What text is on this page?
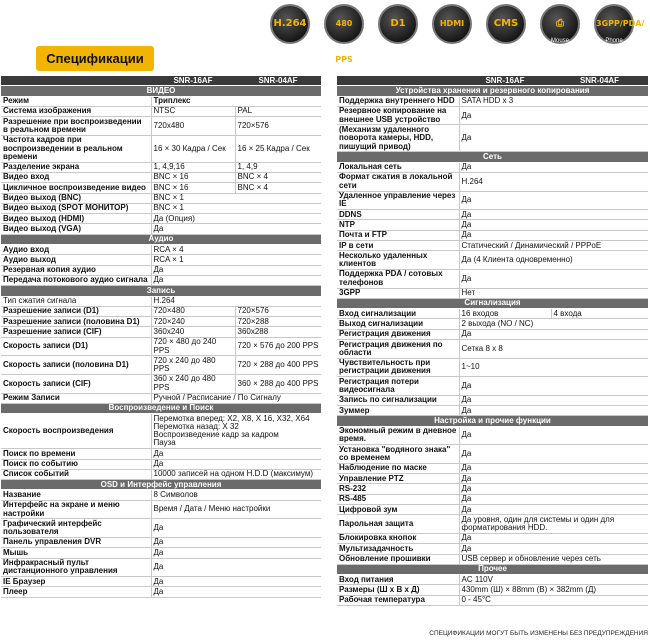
Спецификации
H.264	480 PPS
D1	HDMI	CMS	⎙
Mouse
3GPP/PDA/
Phone
	SNR-16AF	SNR-04AF
ВИДЕО		
Режим	Триплекс	
Система изображения	NTSC	PAL
Разрешение при воспроизведении в реальном времени	720x480	720×576
Частота кадров при воспроизведении в реальном времени	16 × 30 Кадра / Сек	16 × 25 Кадра / Сек
Разделение экрана	1, 4,9,16	1, 4,9
Видео вход	BNC × 16	BNC × 4
Цикличное воспроизведение видео	BNC × 16	BNC × 4
Видео выход (BNC)	BNC × 1	
Видео выход (SPOT МОНИТОР)	BNC × 1	
Видео выход (HDMI)	Да (Опция)	
Видео выход (VGA)	Да	
Аудио		
Аудио вход	RCA × 4	
Аудио выход	RCA × 1	
Резервная копия аудио	Да	
Передача потокового аудио сигнала	Да	
Запись		
Тип сжатия сигнала	H.264	
Разрешение записи (D1)	720×480	720×576
Разрешение записи (половина D1)	720×240	720×288
Разрешение записи (CIF)	360x240	360x288
Скорость записи (D1)	720 × 480 до 240 PPS	720 × 576 до 200 PPS
Скорость записи (половина D1)	720 x 240 до 480 PPS	720 × 288 до 400 PPS
Скорость записи (CIF)	360 x 240 до 480 PPS	360 × 288 до 400 PPS
Режим Записи	Ручной / Расписание / По Сигналу	
Воспроизведение и Поиск		
Скорость воспроизведения	Перемотка вперед: X2, X8, X 16, X32, X64
Перемотка назад: X 32
Воспроизведение кадр за кадром
Пауза	
Поиск по времени	Да	
Поиск по событию	Да	
Список событий	10000 записей на одном H.D.D (максимум)	
OSD и Интерфейс управления		
Название	8 Символов	
Интерфейс на экране и меню настройки	Время / Дата / Меню настройки	
Графический интерфейс пользователя	Да	
Панель управления DVR	Да	
Мышь	Да	
Инфракрасный пульт дистанционного управления	Да	
IE Браузер	Да	
Плеер	Да	
	SNR-16AF	SNR-04AF
Устройства хранения и резервного копирования		
Поддержка внутреннего HDD	SATA HDD x 3	
Резервное копирование на внешнее USB устройство	Да	
(Механизм удаленного поворота камеры, HDD, пишущий привод)	Да	
Сеть		
Локальная сеть	Да	
Формат сжатия в локальной сети	H.264	
Удаленное управление через IE	Да	
DDNS	Да	
NTP	Да	
Почта и FTP	Да	
IP в сети	Статический / Динамический / PPPoE	
Несколько удаленных клиентов	Да (4 Клиента одновременно)	
Поддержка PDA / сотовых телефонов	Да	
3GPP	Нет	
Сигнализация		
Вход сигнализации	16 входов	4 входа
Выход сигнализации	2 выхода (NO / NC)	
Регистрация движения	Да	
Регистрация движения по области	Сетка 8 x 8	
Чувствительность при регистрации движения	1~10	
Регистрация потери видеосигнала	Да	
Запись по сигнализации	Да	
Зуммер	Да	
Настройка и прочие функции		
Экономный режим в дневное время.	Да	
Установка "водяного знака" со временем	Да	
Наблюдение по маске	Да	
Управление PTZ	Да	
RS-232	Да	
RS-485	Да	
Цифровой зум	Да	
Парольная защита	Да уровня, один для системы и один для форматирования HDD.	
Блокировка кнопок	Да	
Мультизадачность	Да	
Обновление прошивки	USB сервер и обновление через сеть	
Прочее		
Вход питания	AC 110V	
Размеры (Ш x В x Д)	430mm (Ш) × 88mm (В) × 382mm (Д)	
Рабочая температура	0 - 45°C	
СПЕЦИФИКАЦИИ МОГУТ БЫТЬ ИЗМЕНЕНЫ БЕЗ ПРЕДУПРЕЖДЕНИЯ
